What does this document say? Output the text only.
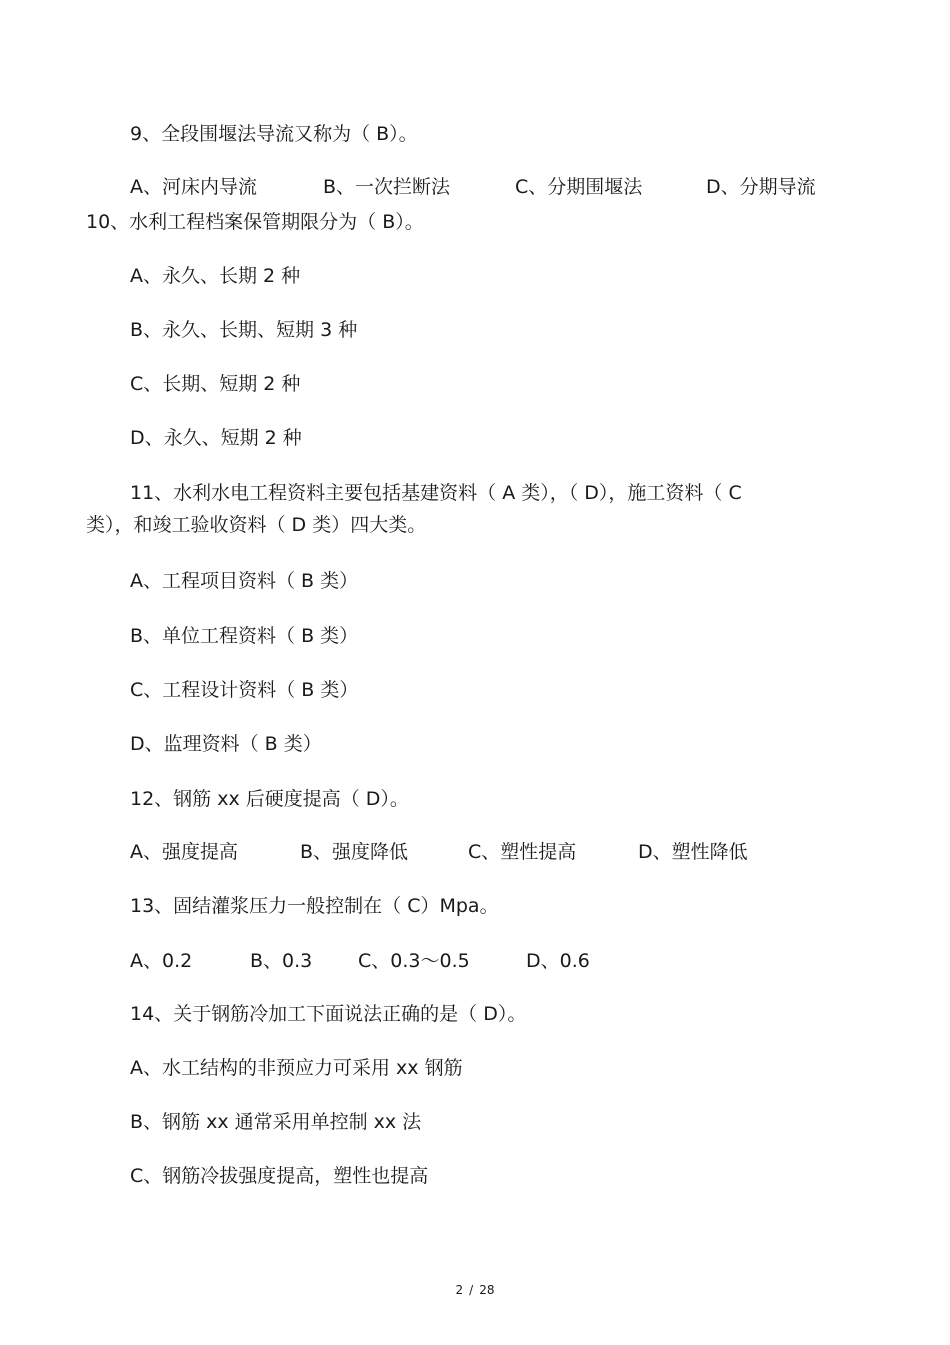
9、全段围堰法导流又称为（ B）。
A、河床内导流	B、一次拦断法	C、分期围堰法	D、分期导流
10、水利工程档案保管期限分为（ B）。
A、永久、长期 2 种
B、永久、长期、短期 3 种
C、长期、短期 2 种
D、永久、短期 2 种
11、水利水电工程资料主要包括基建资料（ A 类），（ D），施工资料（ C
类），和竣工验收资料（ D 类）四大类。
A、工程项目资料（ B 类）
B、单位工程资料（ B 类）
C、工程设计资料（ B 类）
D、监理资料（ B 类）
12、钢筋 xx 后硬度提高（ D）。
A、强度提高	B、强度降低	C、塑性提高	D、塑性降低
13、固结灌浆压力一般控制在（ C）Mpa。
A、0.2	B、0.3 C、0.3～0.5	D、0.6
14、关于钢筋冷加工下面说法正确的是（ D）。
A、水工结构的非预应力可采用 xx 钢筋
B、钢筋 xx 通常采用单控制 xx 法
C、钢筋冷拔强度提高，塑性也提高
2 / 28
